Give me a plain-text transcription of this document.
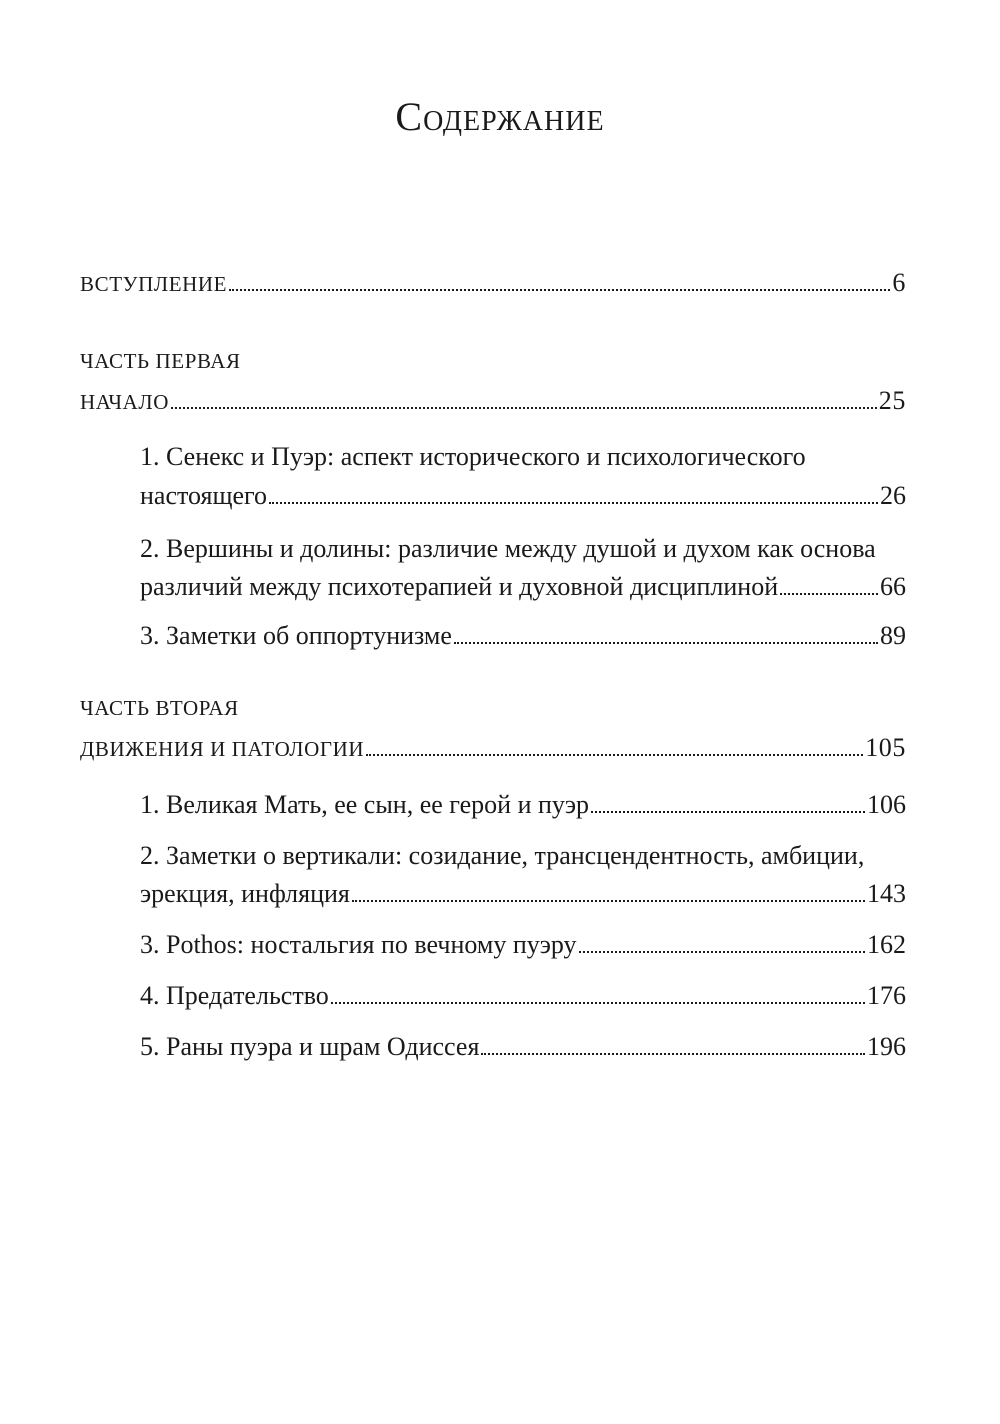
Содержание
ВСТУПЛЕНИЕ	6
ЧАСТЬ ПЕРВАЯ
НАЧАЛО	25
1. Сенекс и Пуэр: аспект исторического и психологического
настоящего	26
2. Вершины и долины: различие между душой и духом как основа
различий между психотерапией и духовной дисциплиной	66
3. Заметки об оппортунизме	89
ЧАСТЬ ВТОРАЯ
ДВИЖЕНИЯ И ПАТОЛОГИИ	105
1. Великая Мать, ее сын, ее герой и пуэр	106
2. Заметки о вертикали: созидание, трансцендентность, амбиции,
эрекция, инфляция	143
3. Pothos: ностальгия по вечному пуэру	162
4. Предательство	176
5. Раны пуэра и шрам Одиссея	196
